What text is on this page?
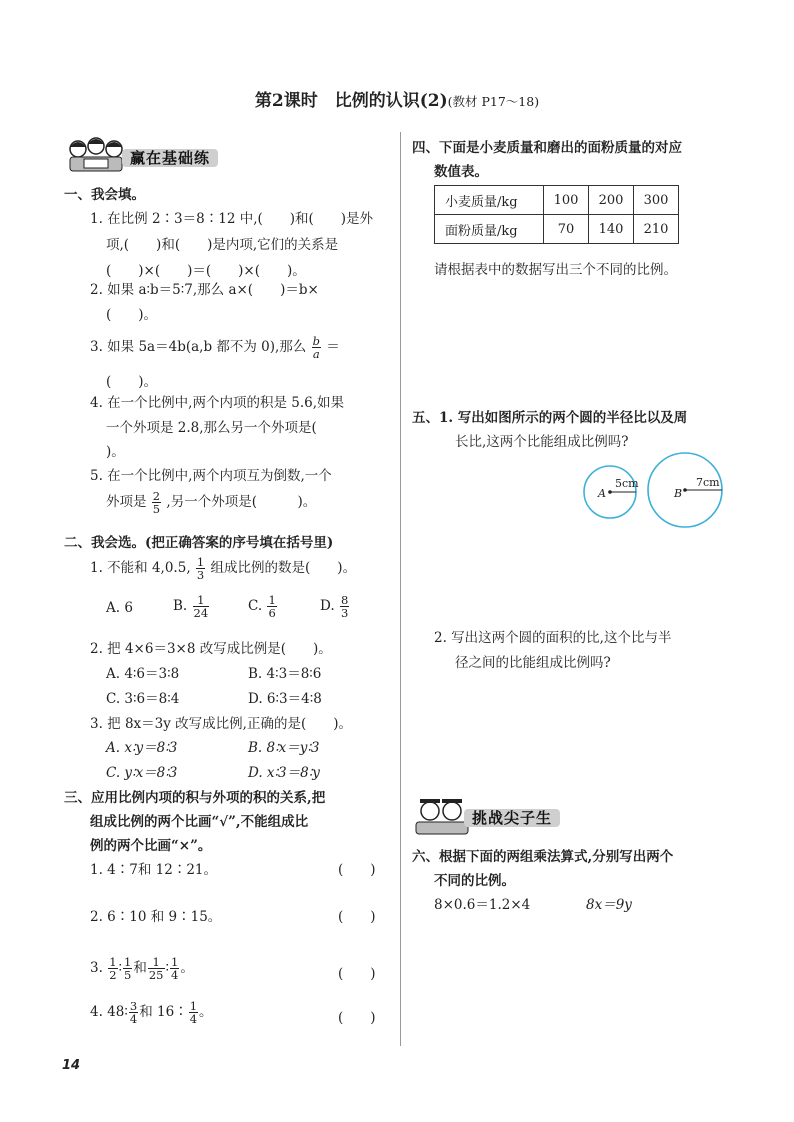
第2课时　比例的认识(2)(教材 P17～18)
赢在基础练
一、我会填。
1. 在比例 2∶3＝8∶12 中,(　　)和(　　)是外
项,(　　)和(　　)是内项,它们的关系是
(　　)×(　　)＝(　　)×(　　)。
2. 如果 a∶b＝5∶7,那么 a×(　　)＝b×
(　　)。
3. 如果 5a＝4b(a,b 都不为 0),那么 $\frac{b}{a}$ ＝
(　　)。
4. 在一个比例中,两个内项的积是 5.6,如果
一个外项是 2.8,那么另一个外项是(
)。
5. 在一个比例中,两个内项互为倒数,一个
外项是 $\frac{2}{5}$ ,另一个外项是(　　　)。
二、我会选。(把正确答案的序号填在括号里)
1. 不能和 4,0.5, $\frac{1}{3}$ 组成比例的数是(　　)。
A. 6	B. $\frac{1}{24}$	C. $\frac{1}{6}$	D. $\frac{8}{3}$
2. 把 4×6＝3×8 改写成比例是(　　)。
A. 4∶6＝3∶8	B. 4∶3＝8∶6
C. 3∶6＝8∶4	D. 6∶3＝4∶8
3. 把 8x＝3y 改写成比例,正确的是(　　)。
A. x∶y＝8∶3	B. 8∶x＝y∶3
C. y∶x＝8∶3	D. x∶3＝8∶y
三、应用比例内项的积与外项的积的关系,把
组成比例的两个比画“√”,不能组成比
例的两个比画“×”。
1. 4∶7和 12∶21。	(　　)
2. 6∶10 和 9∶15。	(　　)
3. $\frac{1}{2}$ ∶ $\frac{1}{5}$ 和 $\frac{1}{25}$ ∶ $\frac{1}{4}$ 。	(　　)
4. 48∶ $\frac{3}{4}$ 和 16∶ $\frac{1}{4}$ 。	(　　)
四、下面是小麦质量和磨出的面粉质量的对应
数值表。
小麦质量/kg	100	200	300
面粉质量/kg	70	140	210
请根据表中的数据写出三个不同的比例。
五、1. 写出如图所示的两个圆的半径比以及周
长比,这两个比能组成比例吗?
A
5cm
B
7cm
2. 写出这两个圆的面积的比,这个比与半
径之间的比能组成比例吗?
挑战尖子生
六、根据下面的两组乘法算式,分别写出两个
不同的比例。
8×0.6＝1.2×4	8x＝9y
14
